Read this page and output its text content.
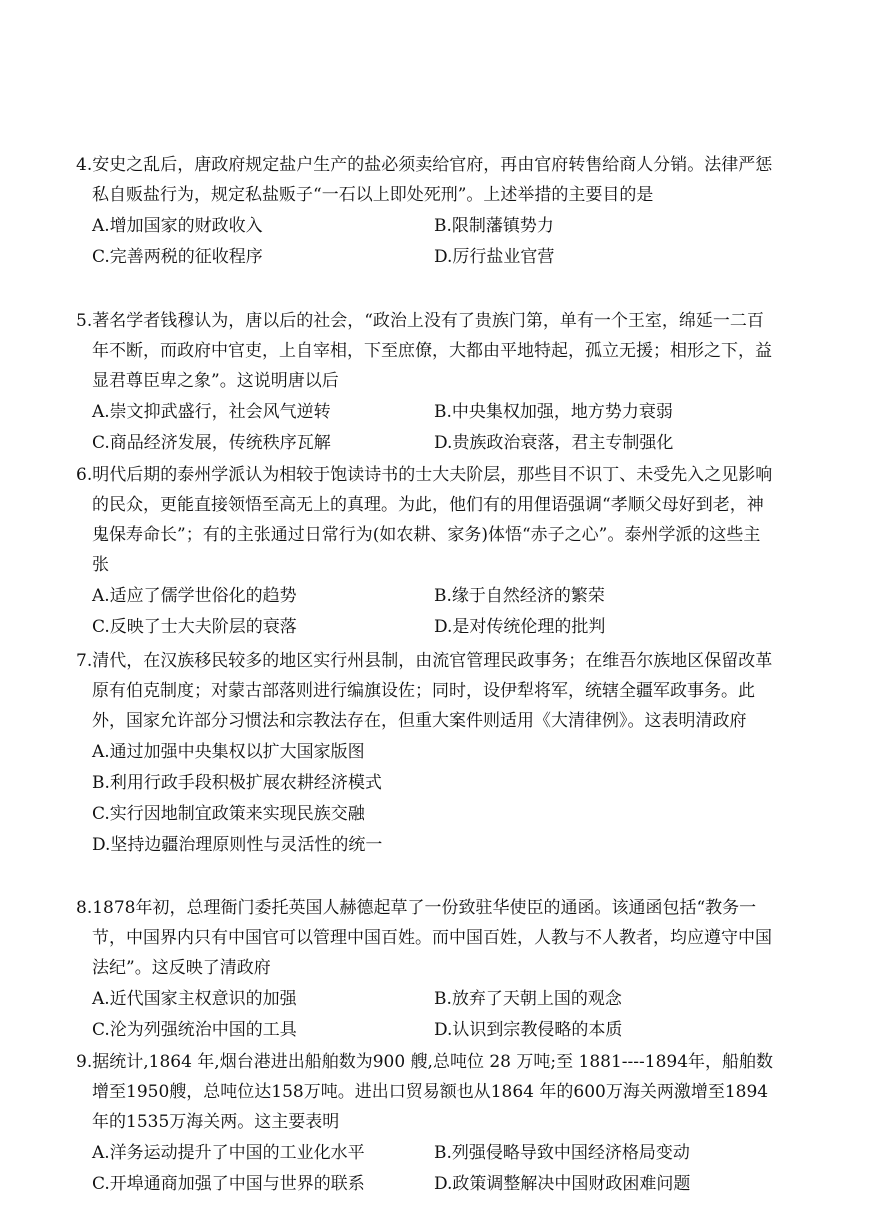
4.安史之乱后，唐政府规定盐户生产的盐必须卖给官府，再由官府转售给商人分销。法律严惩私自贩盐行为，规定私盐贩子“一石以上即处死刑”。上述举措的主要目的是

A.增加国家的财政收入	B.限制藩镇势力
C.完善两税的征收程序	D.厉行盐业官营

5.著名学者钱穆认为，唐以后的社会，“政治上没有了贵族门第，单有一个王室，绵延一二百年不断，而政府中官吏，上自宰相，下至庶僚，大都由平地特起，孤立无援；相形之下，益显君尊臣卑之象”。这说明唐以后

A.崇文抑武盛行，社会风气逆转	B.中央集权加强，地方势力衰弱
C.商品经济发展，传统秩序瓦解	D.贵族政治衰落，君主专制强化

6.明代后期的泰州学派认为相较于饱读诗书的士大夫阶层，那些目不识丁、未受先入之见影响的民众，更能直接领悟至高无上的真理。为此，他们有的用俚语强调“孝顺父母好到老，神鬼保寿命长”；有的主张通过日常行为(如农耕、家务)体悟“赤子之心”。泰州学派的这些主张

A.适应了儒学世俗化的趋势	B.缘于自然经济的繁荣
C.反映了士大夫阶层的衰落	D.是对传统伦理的批判

7.清代，在汉族移民较多的地区实行州县制，由流官管理民政事务；在维吾尔族地区保留改革原有伯克制度；对蒙古部落则进行编旗设佐；同时，设伊犁将军，统辖全疆军政事务。此外，国家允许部分习惯法和宗教法存在，但重大案件则适用《大清律例》。这表明清政府

A.通过加强中央集权以扩大国家版图
B.利用行政手段积极扩展农耕经济模式
C.实行因地制宜政策来实现民族交融
D.坚持边疆治理原则性与灵活性的统一

8.1878年初，总理衙门委托英国人赫德起草了一份致驻华使臣的通函。该通函包括“教务一节，中国界内只有中国官可以管理中国百姓。而中国百姓，人教与不人教者，均应遵守中国法纪”。这反映了清政府

A.近代国家主权意识的加强	B.放弃了天朝上国的观念
C.沦为列强统治中国的工具	D.认识到宗教侵略的本质

9.据统计,1864 年,烟台港进出船舶数为900 艘,总吨位 28 万吨;至 1881----1894年，船舶数增至1950艘，总吨位达158万吨。进出口贸易额也从1864 年的600万海关两激增至1894年的1535万海关两。这主要表明

A.洋务运动提升了中国的工业化水平	B.列强侵略导致中国经济格局变动
C.开埠通商加强了中国与世界的联系	D.政策调整解决中国财政困难问题
